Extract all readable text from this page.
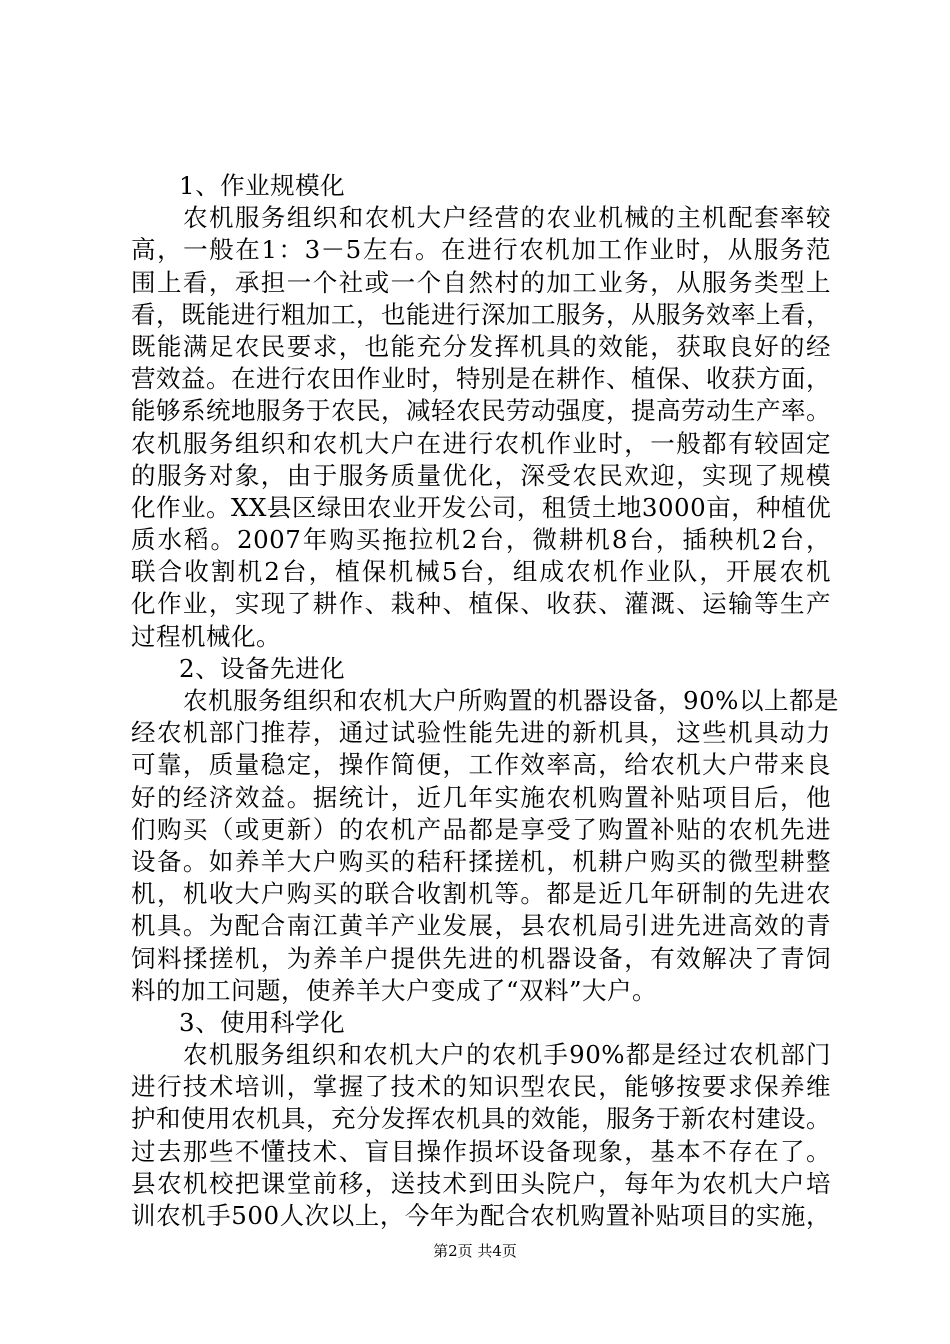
1、作业规模化
农机服务组织和农机大户经营的农业机械的主机配套率较
高，一般在1：3－5左右。在进行农机加工作业时，从服务范
围上看，承担一个社或一个自然村的加工业务，从服务类型上
看，既能进行粗加工，也能进行深加工服务，从服务效率上看，
既能满足农民要求，也能充分发挥机具的效能，获取良好的经
营效益。在进行农田作业时，特别是在耕作、植保、收获方面，
能够系统地服务于农民，减轻农民劳动强度，提高劳动生产率。
农机服务组织和农机大户在进行农机作业时，一般都有较固定
的服务对象，由于服务质量优化，深受农民欢迎，实现了规模
化作业。XX县区绿田农业开发公司，租赁土地3000亩，种植优
质水稻。2007年购买拖拉机2台，微耕机8台，插秧机2台，
联合收割机2台，植保机械5台，组成农机作业队，开展农机
化作业，实现了耕作、栽种、植保、收获、灌溉、运输等生产
过程机械化。
2、设备先进化
农机服务组织和农机大户所购置的机器设备，90%以上都是
经农机部门推荐，通过试验性能先进的新机具，这些机具动力
可靠，质量稳定，操作简便，工作效率高，给农机大户带来良
好的经济效益。据统计，近几年实施农机购置补贴项目后，他
们购买（或更新）的农机产品都是享受了购置补贴的农机先进
设备。如养羊大户购买的秸秆揉搓机，机耕户购买的微型耕整
机，机收大户购买的联合收割机等。都是近几年研制的先进农
机具。为配合南江黄羊产业发展，县农机局引进先进高效的青
饲料揉搓机，为养羊户提供先进的机器设备，有效解决了青饲
料的加工问题，使养羊大户变成了“双料”大户。
3、使用科学化
农机服务组织和农机大户的农机手90%都是经过农机部门
进行技术培训，掌握了技术的知识型农民，能够按要求保养维
护和使用农机具，充分发挥农机具的效能，服务于新农村建设。
过去那些不懂技术、盲目操作损坏设备现象，基本不存在了。
县农机校把课堂前移，送技术到田头院户，每年为农机大户培
训农机手500人次以上，今年为配合农机购置补贴项目的实施，
第2页 共4页
